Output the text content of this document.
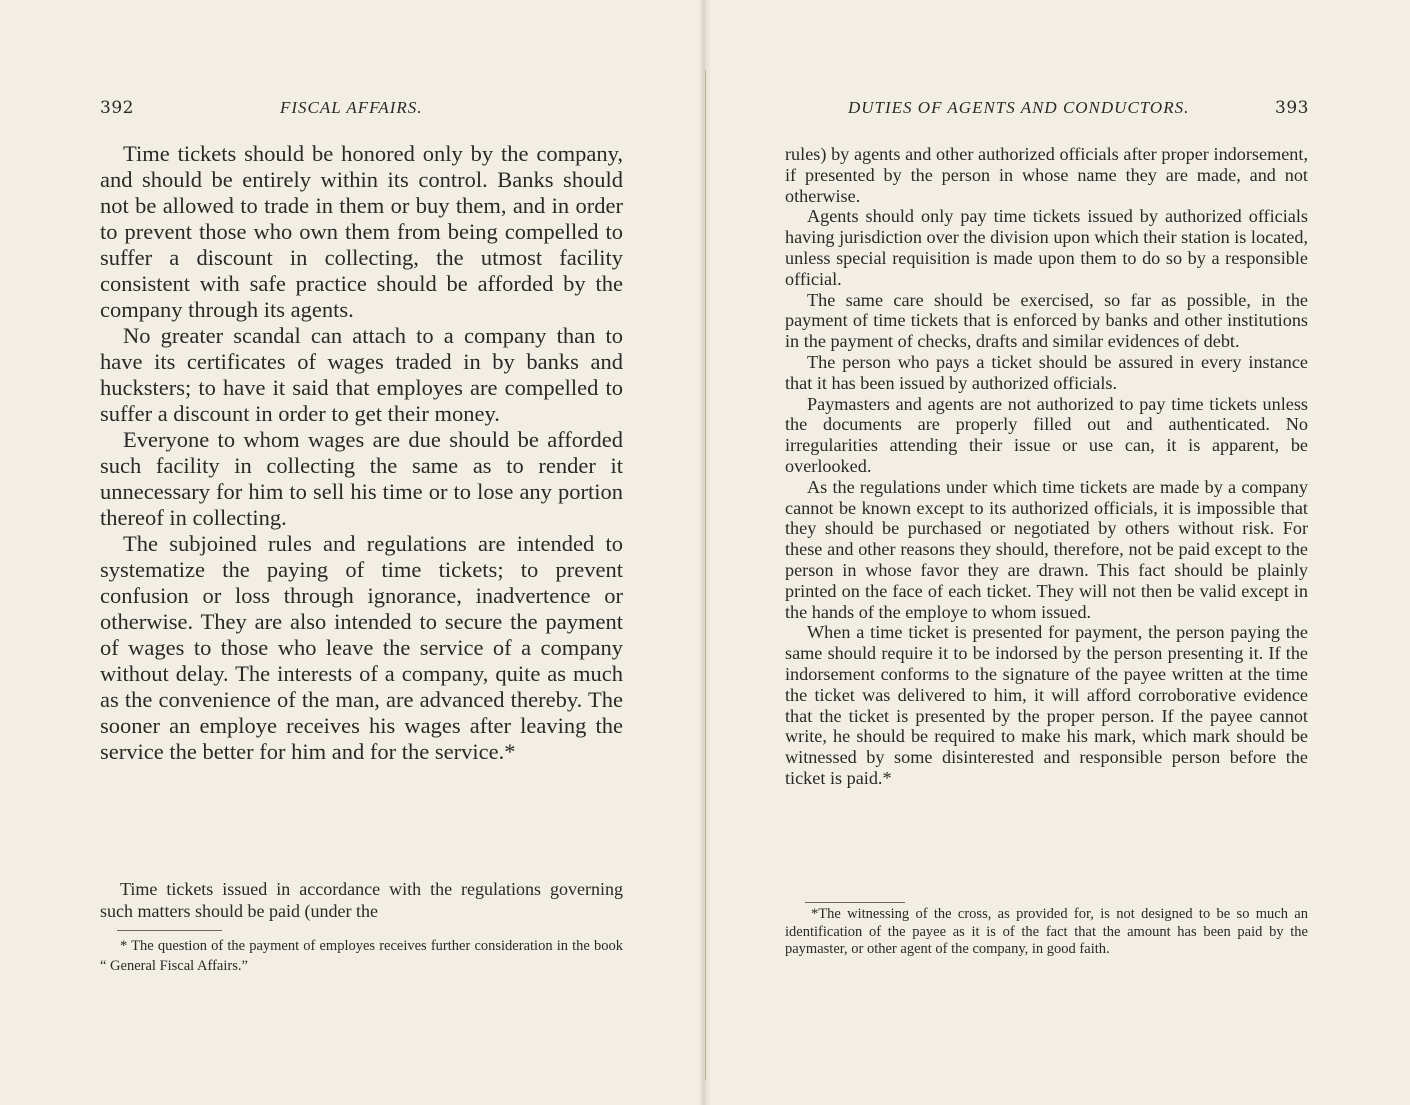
392	FISCAL AFFAIRS.

Time tickets should be honored only by the company, and should be entirely within its control. Banks should not be allowed to trade in them or buy them, and in order to prevent those who own them from being compelled to suffer a discount in collecting, the utmost facility consistent with safe practice should be afforded by the company through its agents.

No greater scandal can attach to a company than to have its certificates of wages traded in by banks and hucksters; to have it said that employes are compelled to suffer a discount in order to get their money.

Everyone to whom wages are due should be afforded such facility in collecting the same as to render it unnecessary for him to sell his time or to lose any portion thereof in collecting.

The subjoined rules and regulations are intended to systematize the paying of time tickets; to prevent confusion or loss through ignorance, inadvertence or otherwise. They are also intended to secure the payment of wages to those who leave the service of a company without delay. The interests of a company, quite as much as the convenience of the man, are advanced thereby. The sooner an employe receives his wages after leaving the service the better for him and for the service.*

Time tickets issued in accordance with the regulations governing such matters should be paid (under the
* The question of the payment of employes receives further consideration in the book “ General Fiscal Affairs.”
DUTIES OF AGENTS AND CONDUCTORS.	393

rules) by agents and other authorized officials after proper indorsement, if presented by the person in whose name they are made, and not otherwise.

Agents should only pay time tickets issued by authorized officials having jurisdiction over the division upon which their station is located, unless special requisition is made upon them to do so by a responsible official.

The same care should be exercised, so far as possible, in the payment of time tickets that is enforced by banks and other institutions in the payment of checks, drafts and similar evidences of debt.

The person who pays a ticket should be assured in every instance that it has been issued by authorized officials.

Paymasters and agents are not authorized to pay time tickets unless the documents are properly filled out and authenticated. No irregularities attending their issue or use can, it is apparent, be overlooked.

As the regulations under which time tickets are made by a company cannot be known except to its authorized officials, it is impossible that they should be purchased or negotiated by others without risk. For these and other reasons they should, therefore, not be paid except to the person in whose favor they are drawn. This fact should be plainly printed on the face of each ticket. They will not then be valid except in the hands of the employe to whom issued.

When a time ticket is presented for payment, the person paying the same should require it to be indorsed by the person presenting it. If the indorsement conforms to the signature of the payee written at the time the ticket was delivered to him, it will afford corroborative evidence that the ticket is presented by the proper person. If the payee cannot write, he should be required to make his mark, which mark should be witnessed by some disinterested and responsible person before the ticket is paid.*

*The witnessing of the cross, as provided for, is not designed to be so much an identification of the payee as it is of the fact that the amount has been paid by the paymaster, or other agent of the company, in good faith.
